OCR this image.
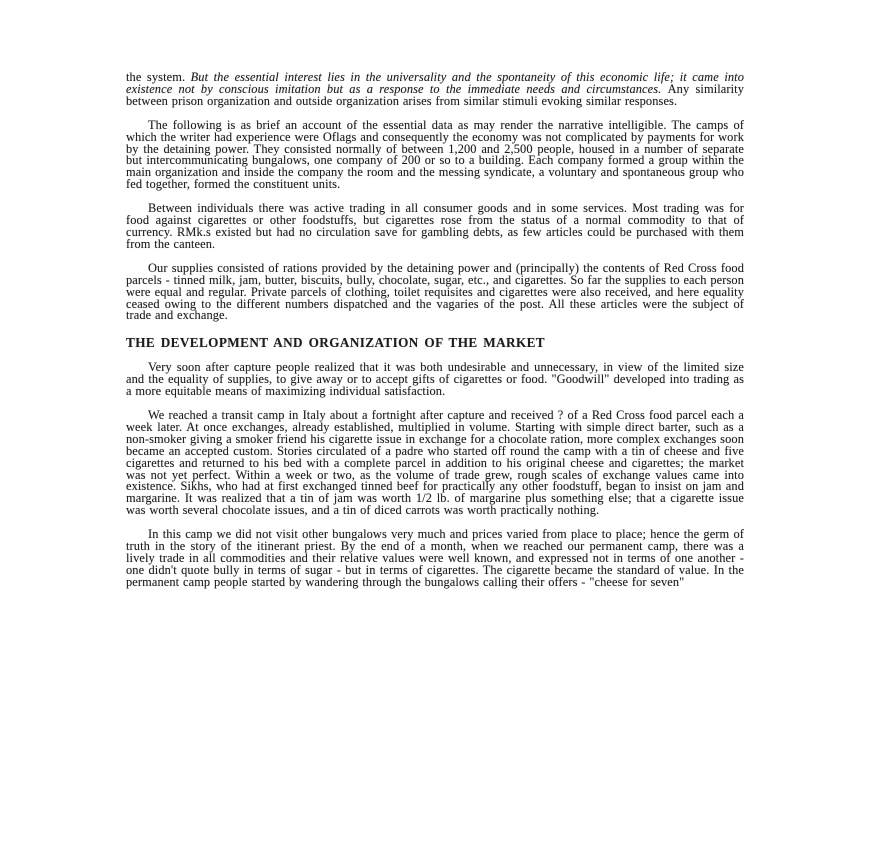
the system. But the essential interest lies in the universality and the spontaneity of this economic life; it came into existence not by conscious imitation but as a response to the immediate needs and circumstances. Any similarity between prison organization and outside organization arises from similar stimuli evoking similar responses.

The following is as brief an account of the essential data as may render the narrative intelligible. The camps of which the writer had experience were Oflags and consequently the economy was not complicated by payments for work by the detaining power. They consisted normally of between 1,200 and 2,500 people, housed in a number of separate but intercommunicating bungalows, one company of 200 or so to a building. Each company formed a group within the main organization and inside the company the room and the messing syndicate, a voluntary and spontaneous group who fed together, formed the constituent units.

Between individuals there was active trading in all consumer goods and in some services. Most trading was for food against cigarettes or other foodstuffs, but cigarettes rose from the status of a normal commodity to that of currency. RMk.s existed but had no circulation save for gambling debts, as few articles could be purchased with them from the canteen.

Our supplies consisted of rations provided by the detaining power and (principally) the contents of Red Cross food parcels - tinned milk, jam, butter, biscuits, bully, chocolate, sugar, etc., and cigarettes. So far the supplies to each person were equal and regular. Private parcels of clothing, toilet requisites and cigarettes were also received, and here equality ceased owing to the different numbers dispatched and the vagaries of the post. All these articles were the subject of trade and exchange.

THE DEVELOPMENT AND ORGANIZATION OF THE MARKET

Very soon after capture people realized that it was both undesirable and unnecessary, in view of the limited size and the equality of supplies, to give away or to accept gifts of cigarettes or food. "Goodwill" developed into trading as a more equitable means of maximizing individual satisfaction.

We reached a transit camp in Italy about a fortnight after capture and received ? of a Red Cross food parcel each a week later. At once exchanges, already established, multiplied in volume. Starting with simple direct barter, such as a non-smoker giving a smoker friend his cigarette issue in exchange for a chocolate ration, more complex exchanges soon became an accepted custom. Stories circulated of a padre who started off round the camp with a tin of cheese and five cigarettes and returned to his bed with a complete parcel in addition to his original cheese and cigarettes; the market was not yet perfect. Within a week or two, as the volume of trade grew, rough scales of exchange values came into existence. Sikhs, who had at first exchanged tinned beef for practically any other foodstuff, began to insist on jam and margarine. It was realized that a tin of jam was worth 1/2 lb. of margarine plus something else; that a cigarette issue was worth several chocolate issues, and a tin of diced carrots was worth practically nothing.

In this camp we did not visit other bungalows very much and prices varied from place to place; hence the germ of truth in the story of the itinerant priest. By the end of a month, when we reached our permanent camp, there was a lively trade in all commodities and their relative values were well known, and expressed not in terms of one another - one didn't quote bully in terms of sugar - but in terms of cigarettes. The cigarette became the standard of value. In the permanent camp people started by wandering through the bungalows calling their offers - "cheese for seven"
